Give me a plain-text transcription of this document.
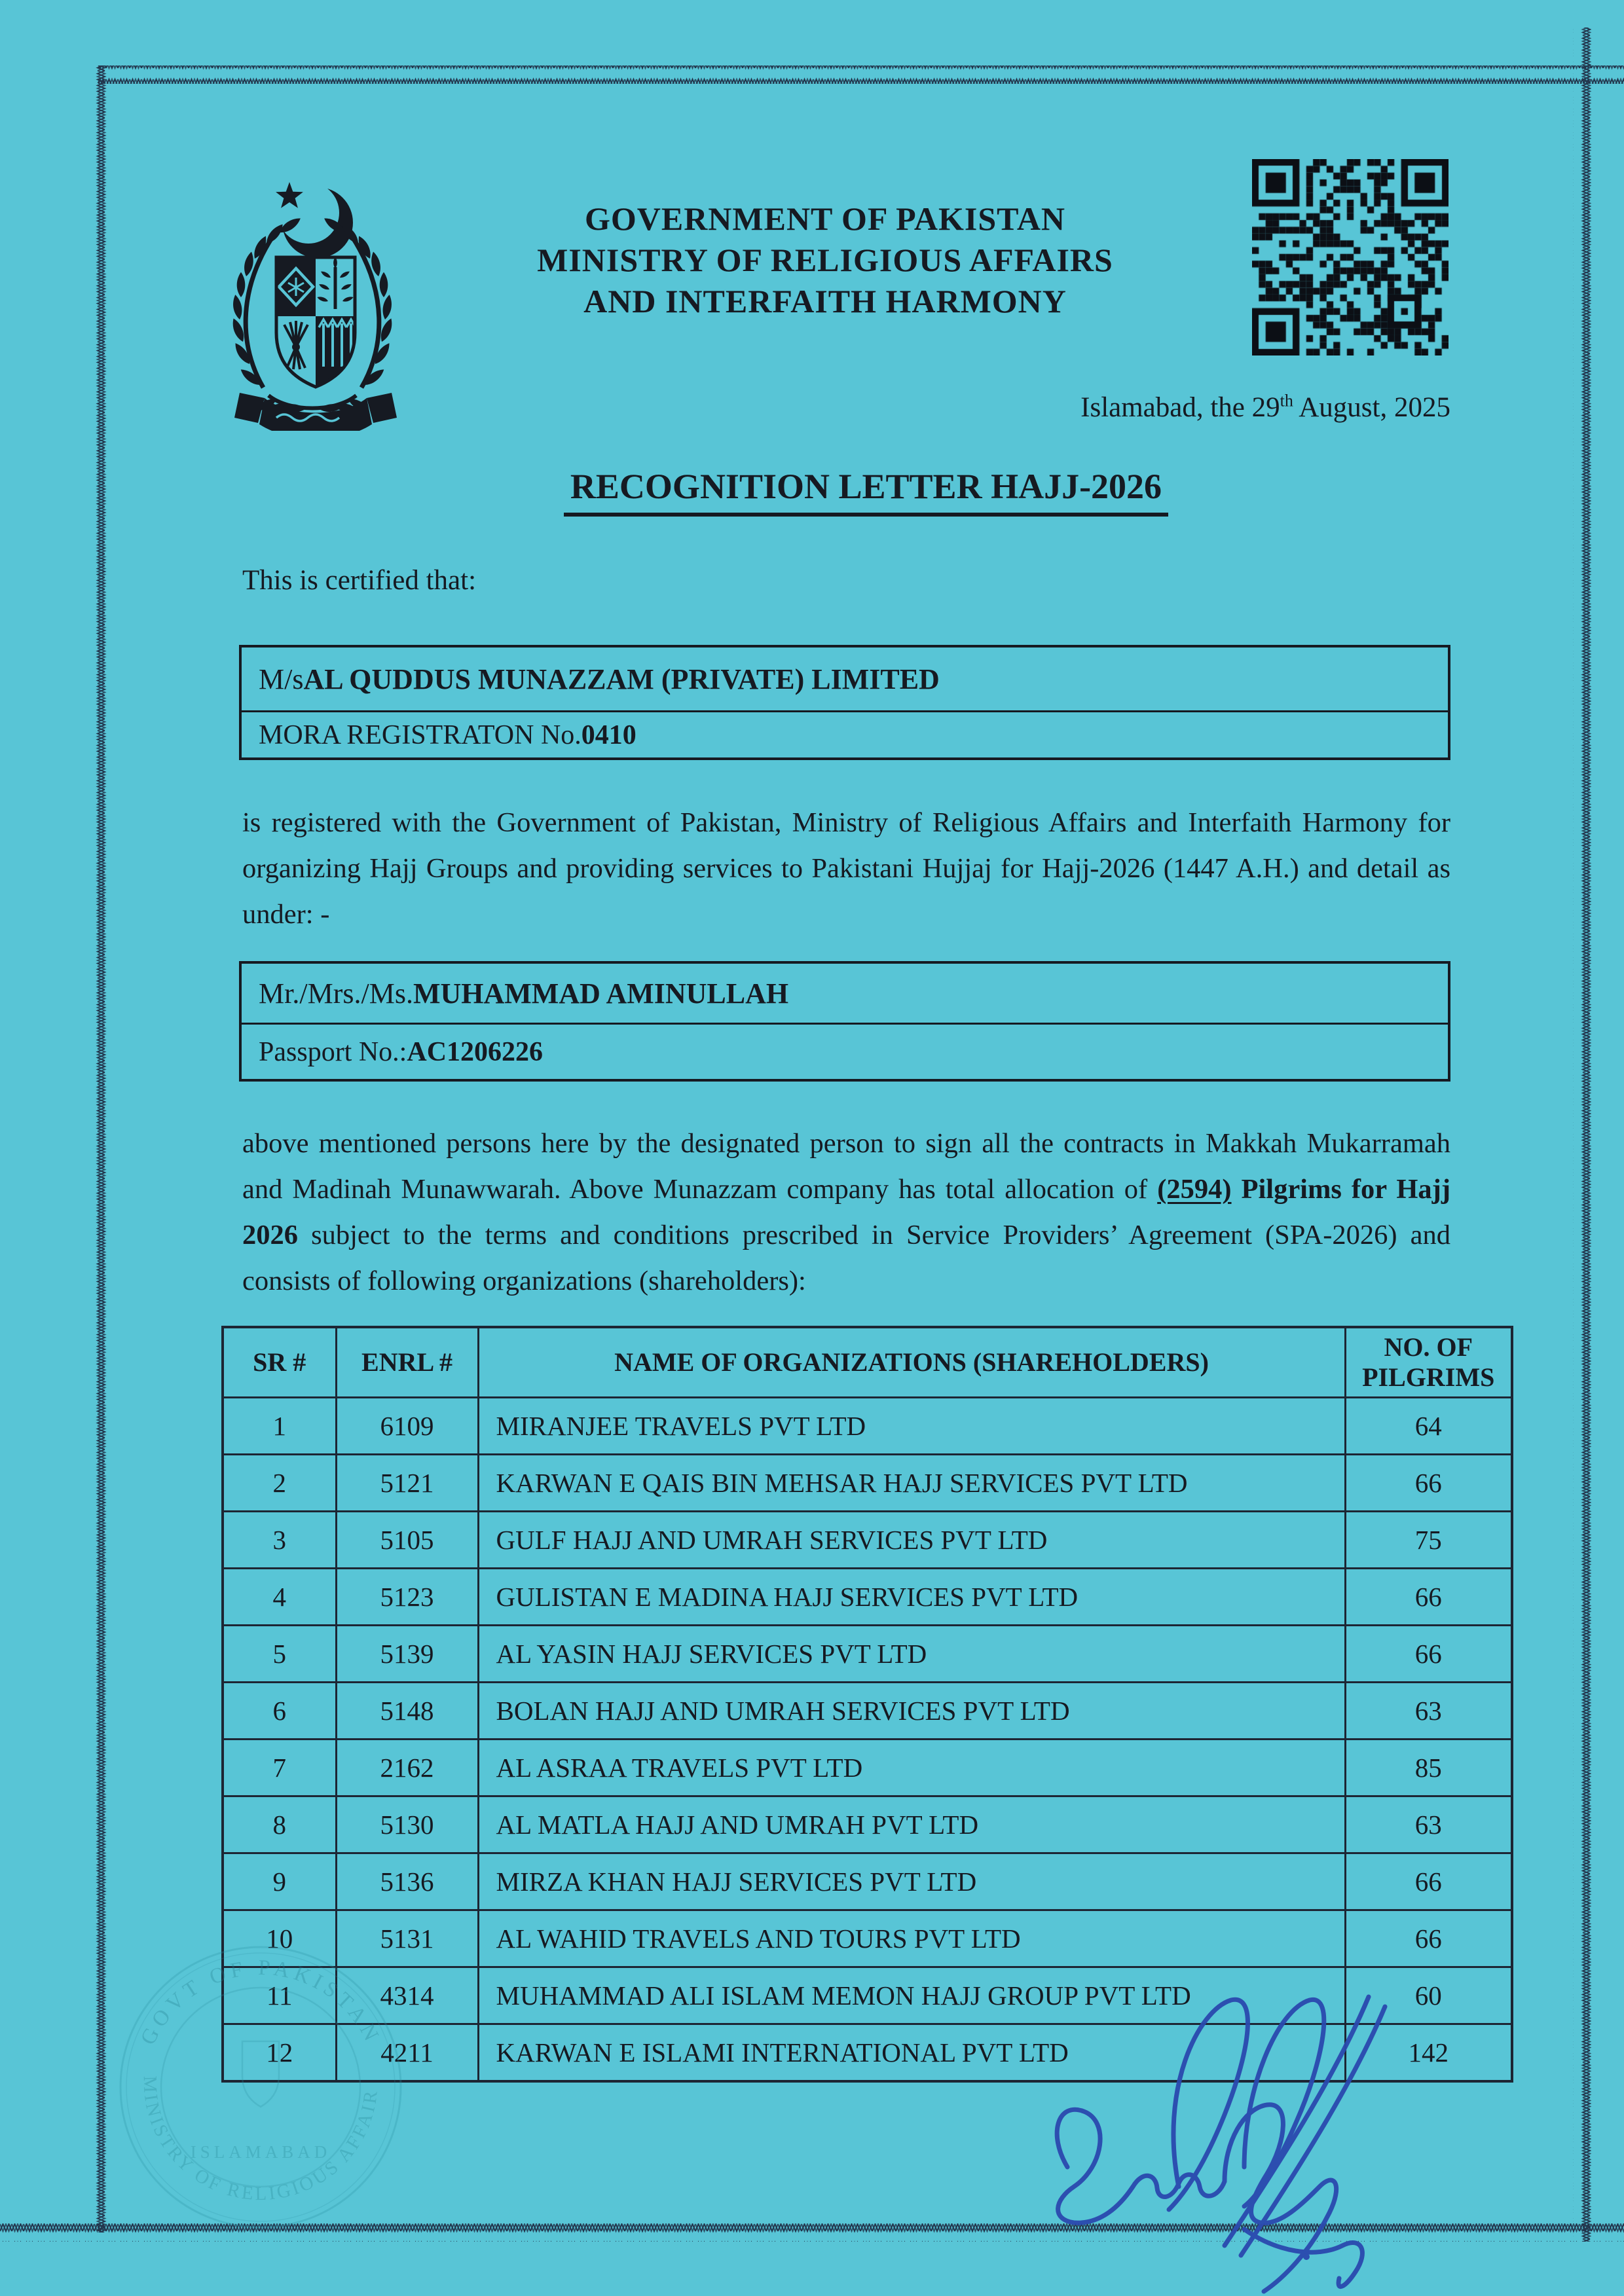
GOVERNMENT OF PAKISTAN
MINISTRY OF RELIGIOUS AFFAIRS
AND INTERFAITH HARMONY
Islamabad, the 29th August, 2025
RECOGNITION LETTER HAJJ-2026
This is certified that:
M/s AL QUDDUS MUNAZZAM (PRIVATE) LIMITED
MORA REGISTRATON No. 0410
is registered with the Government of Pakistan, Ministry of Religious Affairs and Interfaith Harmony for organizing Hajj Groups and providing services to Pakistani Hujjaj for Hajj-2026 (1447 A.H.) and detail as under: -
Mr./Mrs./Ms. MUHAMMAD AMINULLAH
Passport No.: AC1206226
above mentioned persons here by the designated person to sign all the contracts in Makkah Mukarramah and Madinah Munawwarah. Above Munazzam company has total allocation of (2594) Pilgrims for Hajj 2026 subject to the terms and conditions prescribed in Service Providers’ Agreement (SPA-2026) and consists of following organizations (shareholders):
SR #	ENRL #	NAME OF ORGANIZATIONS (SHAREHOLDERS)	NO. OF PILGRIMS
1	6109	MIRANJEE TRAVELS PVT LTD	64
2	5121	KARWAN E QAIS BIN MEHSAR HAJJ SERVICES PVT LTD	66
3	5105	GULF HAJJ AND UMRAH SERVICES PVT LTD	75
4	5123	GULISTAN E MADINA HAJJ SERVICES PVT LTD	66
5	5139	AL YASIN HAJJ SERVICES PVT LTD	66
6	5148	BOLAN HAJJ AND UMRAH SERVICES PVT LTD	63
7	2162	AL ASRAA TRAVELS PVT LTD	85
8	5130	AL MATLA HAJJ AND UMRAH PVT LTD	63
9	5136	MIRZA KHAN HAJJ SERVICES PVT LTD	66
10	5131	AL WAHID TRAVELS AND TOURS PVT LTD	66
11	4314	MUHAMMAD ALI ISLAM MEMON HAJJ GROUP PVT LTD	60
12	4211	KARWAN E ISLAMI INTERNATIONAL PVT LTD	142
GOVT OF PAKISTAN
MINISTRY OF RELIGIOUS AFFAIRS
ISLAMABAD
